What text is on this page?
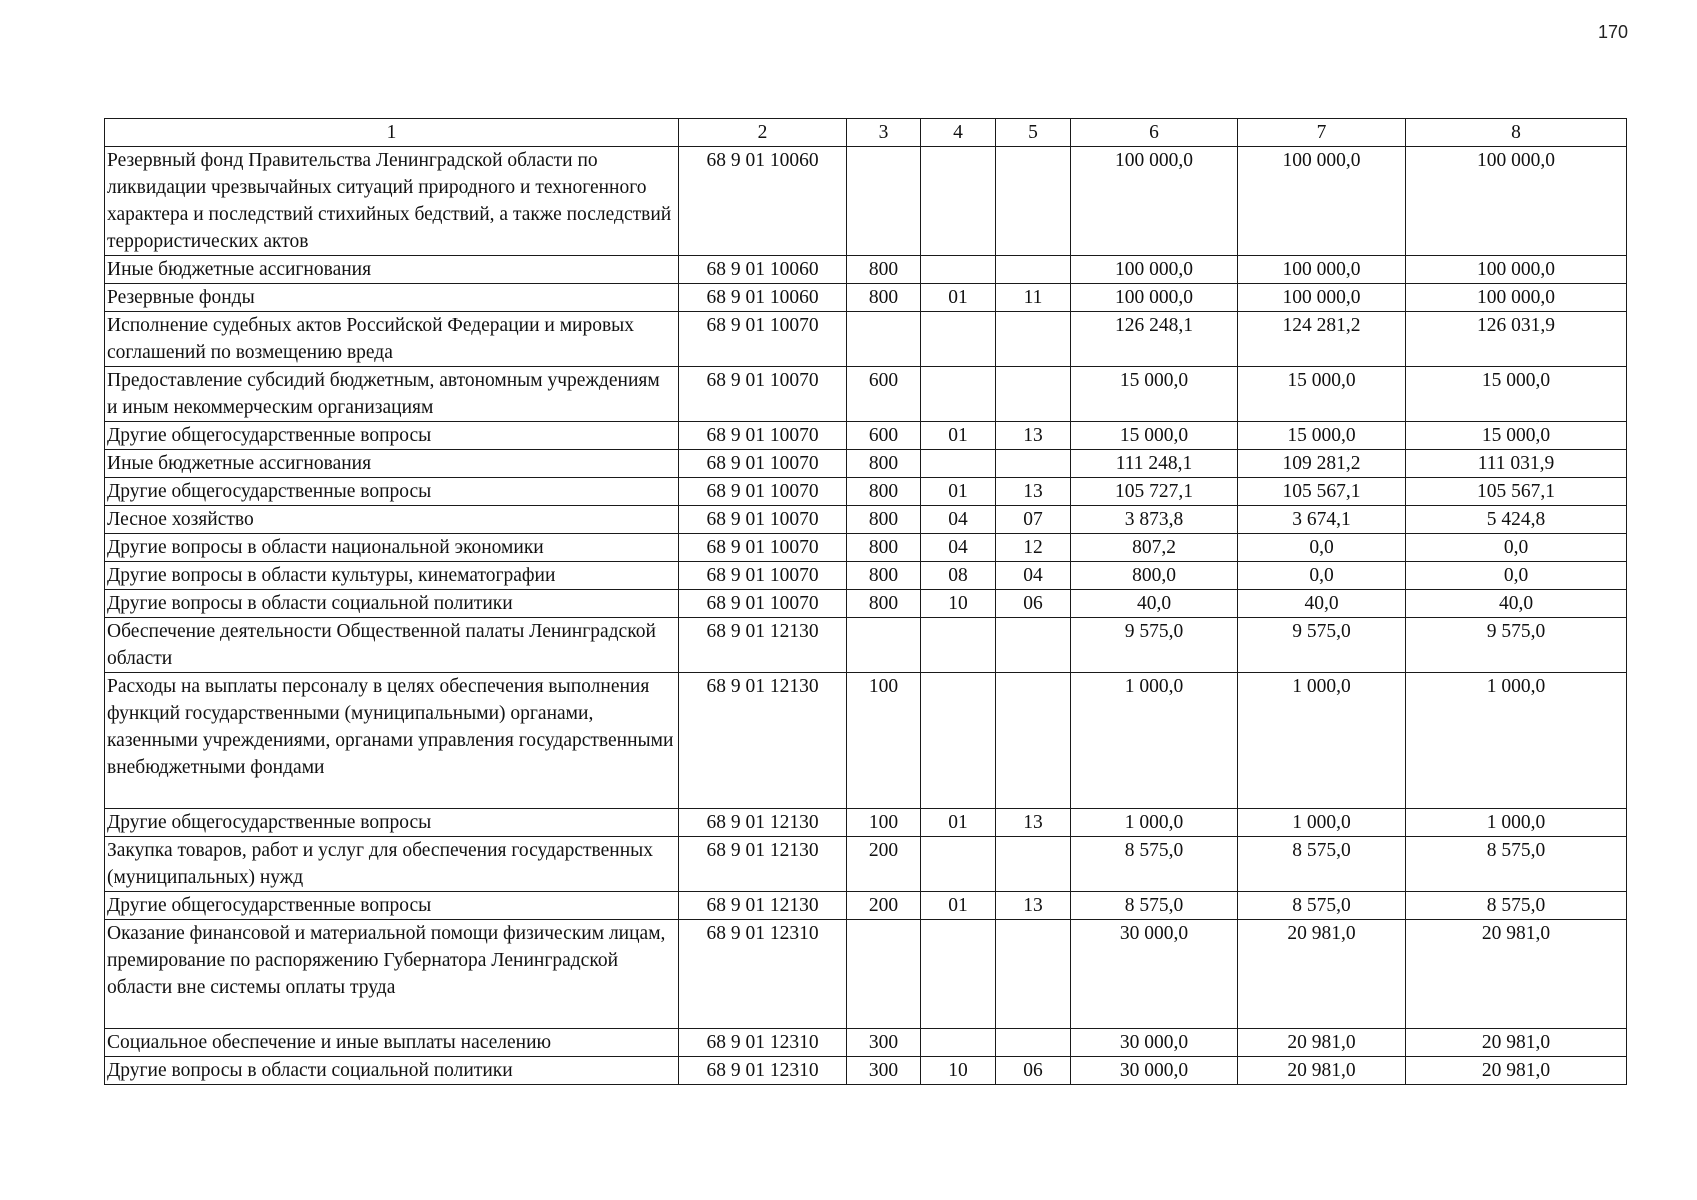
170
1	2	3	4	5	6	7	8
Резервный фонд Правительства Ленинградской области по ликвидации чрезвычайных ситуаций природного и техногенного характера и последствий стихийных бедствий, а также последствий террористических актов	68 9 01 10060				100 000,0	100 000,0	100 000,0
Иные бюджетные ассигнования	68 9 01 10060	800			100 000,0	100 000,0	100 000,0
Резервные фонды	68 9 01 10060	800	01	11	100 000,0	100 000,0	100 000,0
Исполнение судебных актов Российской Федерации и мировых соглашений по возмещению вреда	68 9 01 10070				126 248,1	124 281,2	126 031,9
Предоставление субсидий бюджетным, автономным учреждениям и иным некоммерческим организациям	68 9 01 10070	600			15 000,0	15 000,0	15 000,0
Другие общегосударственные вопросы	68 9 01 10070	600	01	13	15 000,0	15 000,0	15 000,0
Иные бюджетные ассигнования	68 9 01 10070	800			111 248,1	109 281,2	111 031,9
Другие общегосударственные вопросы	68 9 01 10070	800	01	13	105 727,1	105 567,1	105 567,1
Лесное хозяйство	68 9 01 10070	800	04	07	3 873,8	3 674,1	5 424,8
Другие вопросы в области национальной экономики	68 9 01 10070	800	04	12	807,2	0,0	0,0
Другие вопросы в области культуры, кинематографии	68 9 01 10070	800	08	04	800,0	0,0	0,0
Другие вопросы в области социальной политики	68 9 01 10070	800	10	06	40,0	40,0	40,0
Обеспечение деятельности Общественной палаты Ленинградской области	68 9 01 12130				9 575,0	9 575,0	9 575,0
Расходы на выплаты персоналу в целях обеспечения выполнения функций государственными (муниципальными) органами, казенными учреждениями, органами управления государственными внебюджетными фондами	68 9 01 12130	100			1 000,0	1 000,0	1 000,0
Другие общегосударственные вопросы	68 9 01 12130	100	01	13	1 000,0	1 000,0	1 000,0
Закупка товаров, работ и услуг для обеспечения государственных (муниципальных) нужд	68 9 01 12130	200			8 575,0	8 575,0	8 575,0
Другие общегосударственные вопросы	68 9 01 12130	200	01	13	8 575,0	8 575,0	8 575,0
Оказание финансовой и материальной помощи физическим лицам, премирование по распоряжению Губернатора Ленинградской области вне системы оплаты труда	68 9 01 12310				30 000,0	20 981,0	20 981,0
Социальное обеспечение и иные выплаты населению	68 9 01 12310	300			30 000,0	20 981,0	20 981,0
Другие вопросы в области социальной политики	68 9 01 12310	300	10	06	30 000,0	20 981,0	20 981,0
